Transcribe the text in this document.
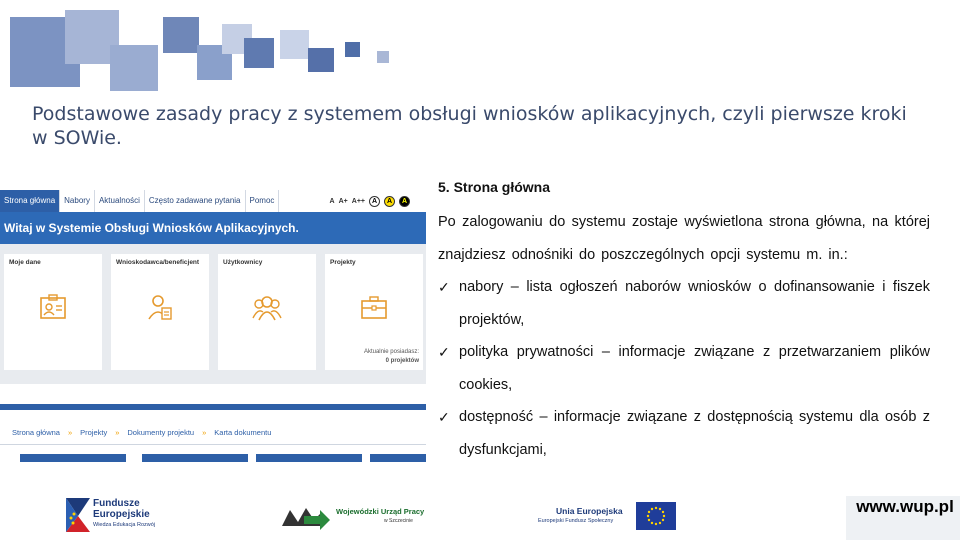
Podstawowe zasady pracy z systemem obsługi wniosków aplikacyjnych, czyli pierwsze kroki w SOWie.
Strona główna	Nabory	Aktualności	Często zadawane pytania	Pomoc	A A+ A++ A	A	A
Witaj w Systemie Obsługi Wniosków Aplikacyjnych.
Moje dane	Wnioskodawca/beneficjent	Użytkownicy	Projekty
Aktualnie posiadasz:
0 projektów
Strona główna » Projekty » Dokumenty projektu » Karta dokumentu
5. Strona główna
Po zalogowaniu do systemu zostaje wyświetlona strona główna, na której znajdziesz odnośniki do poszczególnych opcji systemu m. in.:
✓ nabory – lista ogłoszeń naborów wniosków o dofinansowanie i fiszek projektów,
✓ polityka prywatności – informacje związane z przetwarzaniem plików cookies,
✓ dostępność – informacje związane z dostępnością systemu dla osób z dysfunkcjami,
Fundusze
Europejskie
Wiedza Edukacja Rozwój
Wojewódzki Urząd Pracy
w Szczecinie
Unia Europejska
Europejski Fundusz Społeczny
www.wup.pl
